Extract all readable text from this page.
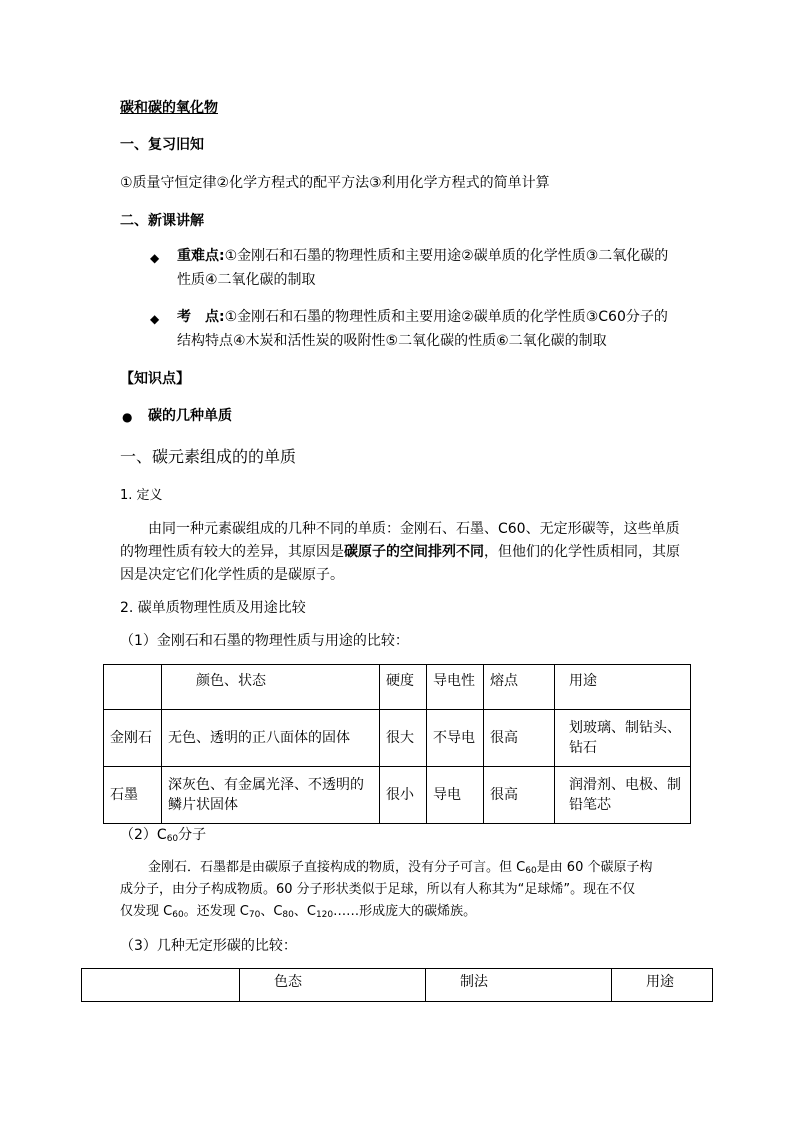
碳和碳的氧化物
一、复习旧知
①质量守恒定律②化学方程式的配平方法③利用化学方程式的简单计算
二、新课讲解
◆ 重难点:①金刚石和石墨的物理性质和主要用途②碳单质的化学性质③二氧化碳的
性质④二氧化碳的制取
◆ 考　点:①金刚石和石墨的物理性质和主要用途②碳单质的化学性质③C60分子的
结构特点④木炭和活性炭的吸附性⑤二氧化碳的性质⑥二氧化碳的制取
【知识点】
● 碳的几种单质
一、碳元素组成的的单质
1. 定义
由同一种元素碳组成的几种不同的单质：金刚石、石墨、C60、无定形碳等，这些单质
的物理性质有较大的差异，其原因是碳原子的空间排列不同，但他们的化学性质相同，其原
因是决定它们化学性质的是碳原子。
2. 碳单质物理性质及用途比较
（1）金刚石和石墨的物理性质与用途的比较：
	颜色、状态	硬度	导电性	熔点	用途
金刚石	无色、透明的正八面体的固体	很大	不导电	很高	划玻璃、制钻头、钻石
石墨	深灰色、有金属光泽、不透明的鳞片状固体	很小	导电	很高	润滑剂、电极、制铅笔芯
$(2)C_{60}$分子
金刚石．石墨都是由碳原子直接构成的物质，没有分子可言。但 $C_{60}$是由 60 个碳原子构
成分子，由分子构成物质。60 分子形状类似于足球，所以有人称其为“足球烯”。现在不仅
仅发现 $C_{60}$。还发现 $C_{70}$、$C_{80}$、$C_{120}\dots\dots$形成庞大的碳烯族。
（3）几种无定形碳的比较：
	色态	制法	用途
